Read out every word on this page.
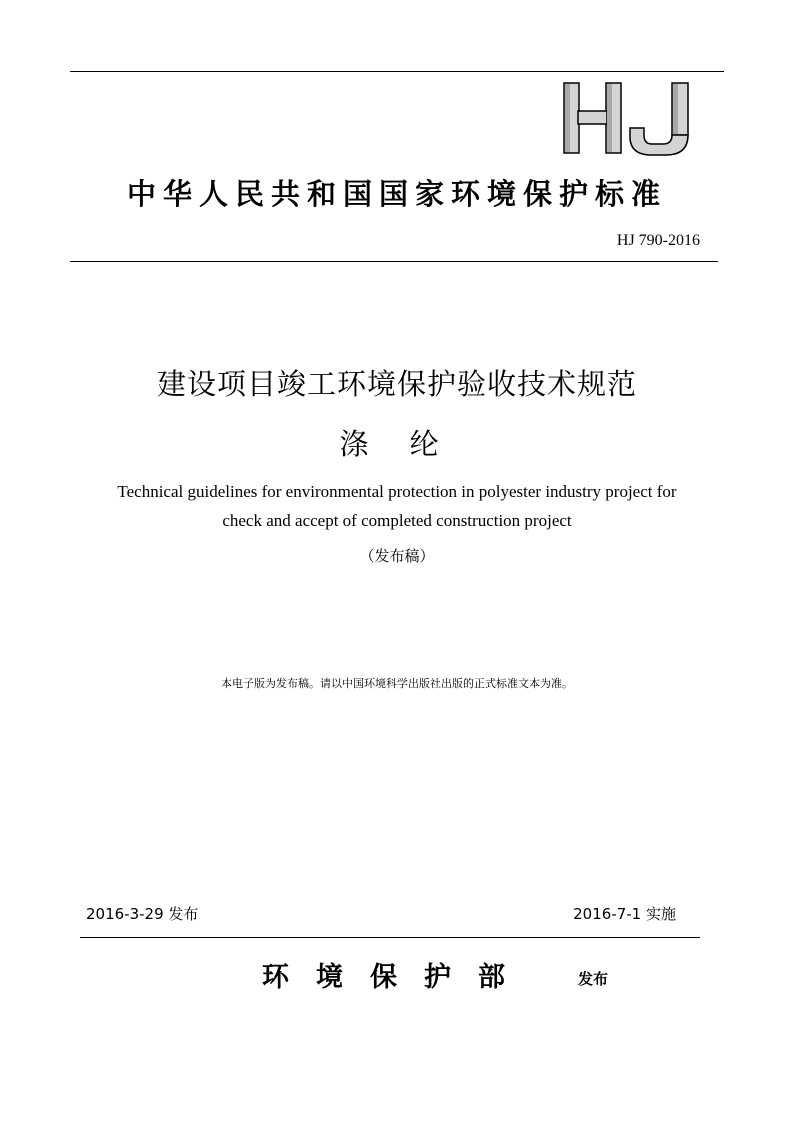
中华人民共和国国家环境保护标准
HJ 790-2016
建设项目竣工环境保护验收技术规范
涤 纶
Technical guidelines for environmental protection in polyester industry project for
check and accept of completed construction project
（发布稿）
本电子版为发布稿。请以中国环境科学出版社出版的正式标准文本为准。
2016-3-29 发布	2016-7-1 实施
环境保护部	发布
